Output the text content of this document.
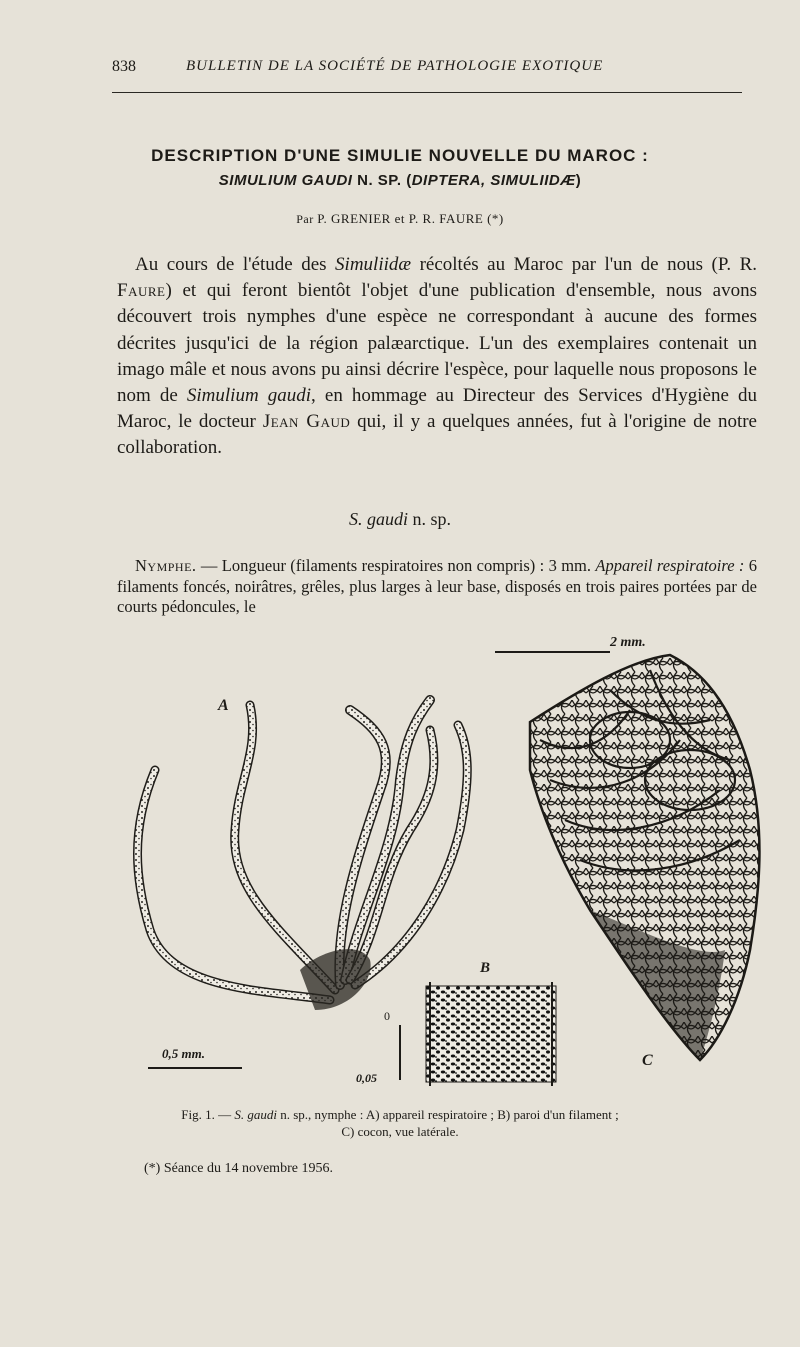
838	BULLETIN DE LA SOCIÉTÉ DE PATHOLOGIE EXOTIQUE
DESCRIPTION D'UNE SIMULIE NOUVELLE DU MAROC :
SIMULIUM GAUDI N. SP. (DIPTERA, SIMULIIDÆ)
Par P. GRENIER et P. R. FAURE (*)

Au cours de l'étude des Simuliidæ récoltés au Maroc par l'un de nous (P. R. Faure) et qui feront bientôt l'objet d'une publication d'ensemble, nous avons découvert trois nymphes d'une espèce ne correspondant à aucune des formes décrites jusqu'ici de la région palæarctique. L'un des exemplaires contenait un imago mâle et nous avons pu ainsi décrire l'espèce, pour laquelle nous proposons le nom de Simulium gaudi, en hommage au Directeur des Services d'Hygiène du Maroc, le docteur Jean Gaud qui, il y a quelques années, fut à l'origine de notre collaboration.

S. gaudi n. sp.

Nymphe. — Longueur (filaments respiratoires non compris) : 3 mm. Appareil respiratoire : 6 filaments foncés, noirâtres, grêles, plus larges à leur base, disposés en trois paires portées par de courts pédoncules, le

A
0,5 mm.
B
0
0,05
2 mm.
C
Fig. 1. — S. gaudi n. sp., nymphe : A) appareil respiratoire ; B) paroi d'un filament ;
C) cocon, vue latérale.
(*) Séance du 14 novembre 1956.
